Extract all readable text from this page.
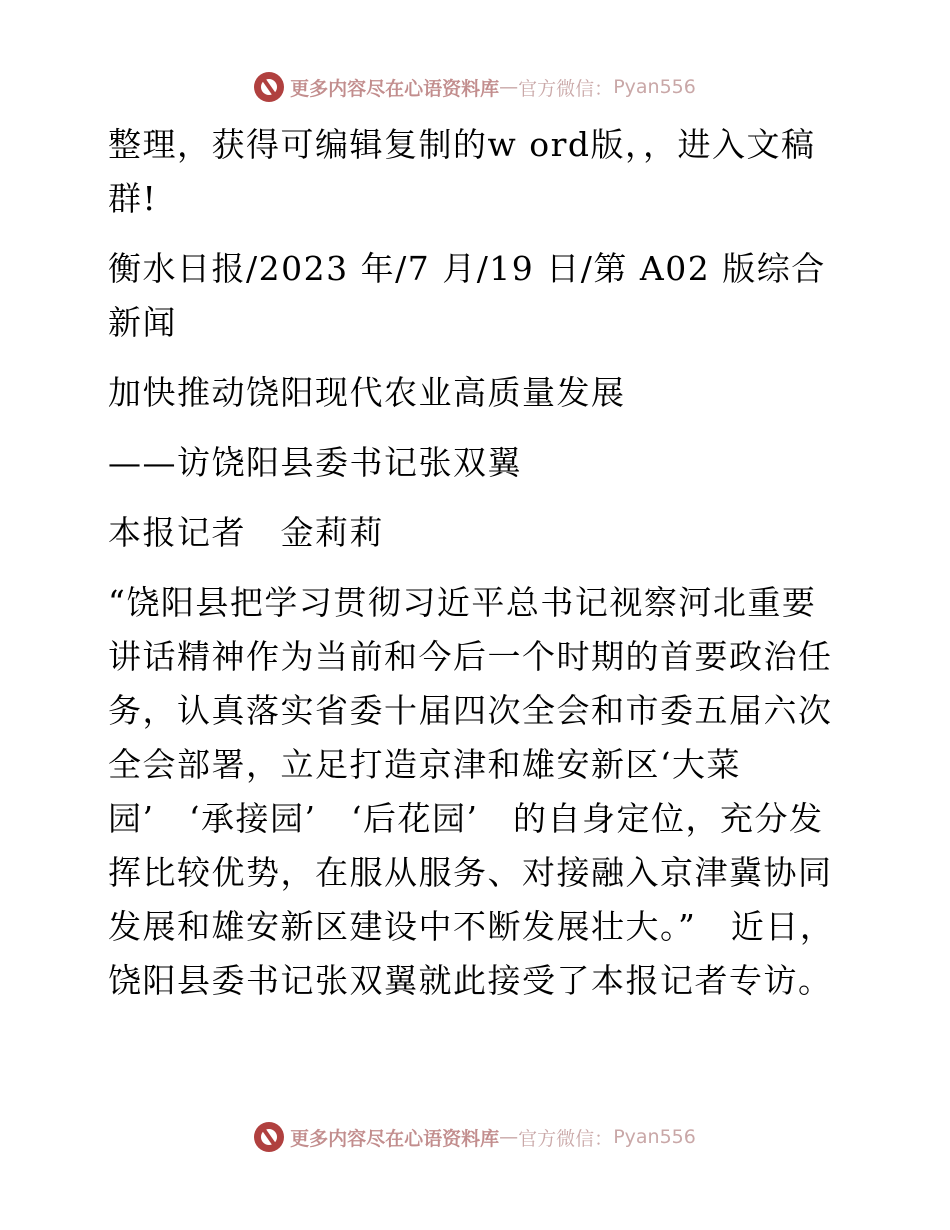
更多内容尽在心语资料库 — 官方微信： Pyan556

整理，获得可编辑复制的w ord版，，进入文稿群!

衡水日报/2023 年/7 月/19 日/第 A02 版综合新闻

加快推动饶阳现代农业高质量发展

——访饶阳县委书记张双翼

本报记者　金莉莉

“饶阳县把学习贯彻习近平总书记视察河北重要讲话精神作为当前和今后一个时期的首要政治任务，认真落实省委十届四次全会和市委五届六次全会部署，立足打造京津和雄安新区‘大菜园’　‘承接园’　‘后花园’　的自身定位，充分发挥比较优势，在服从服务、对接融入京津冀协同发展和雄安新区建设中不断发展壮大。”　近日，饶阳县委书记张双翼就此接受了本报记者专访。

更多内容尽在心语资料库 — 官方微信： Pyan556
